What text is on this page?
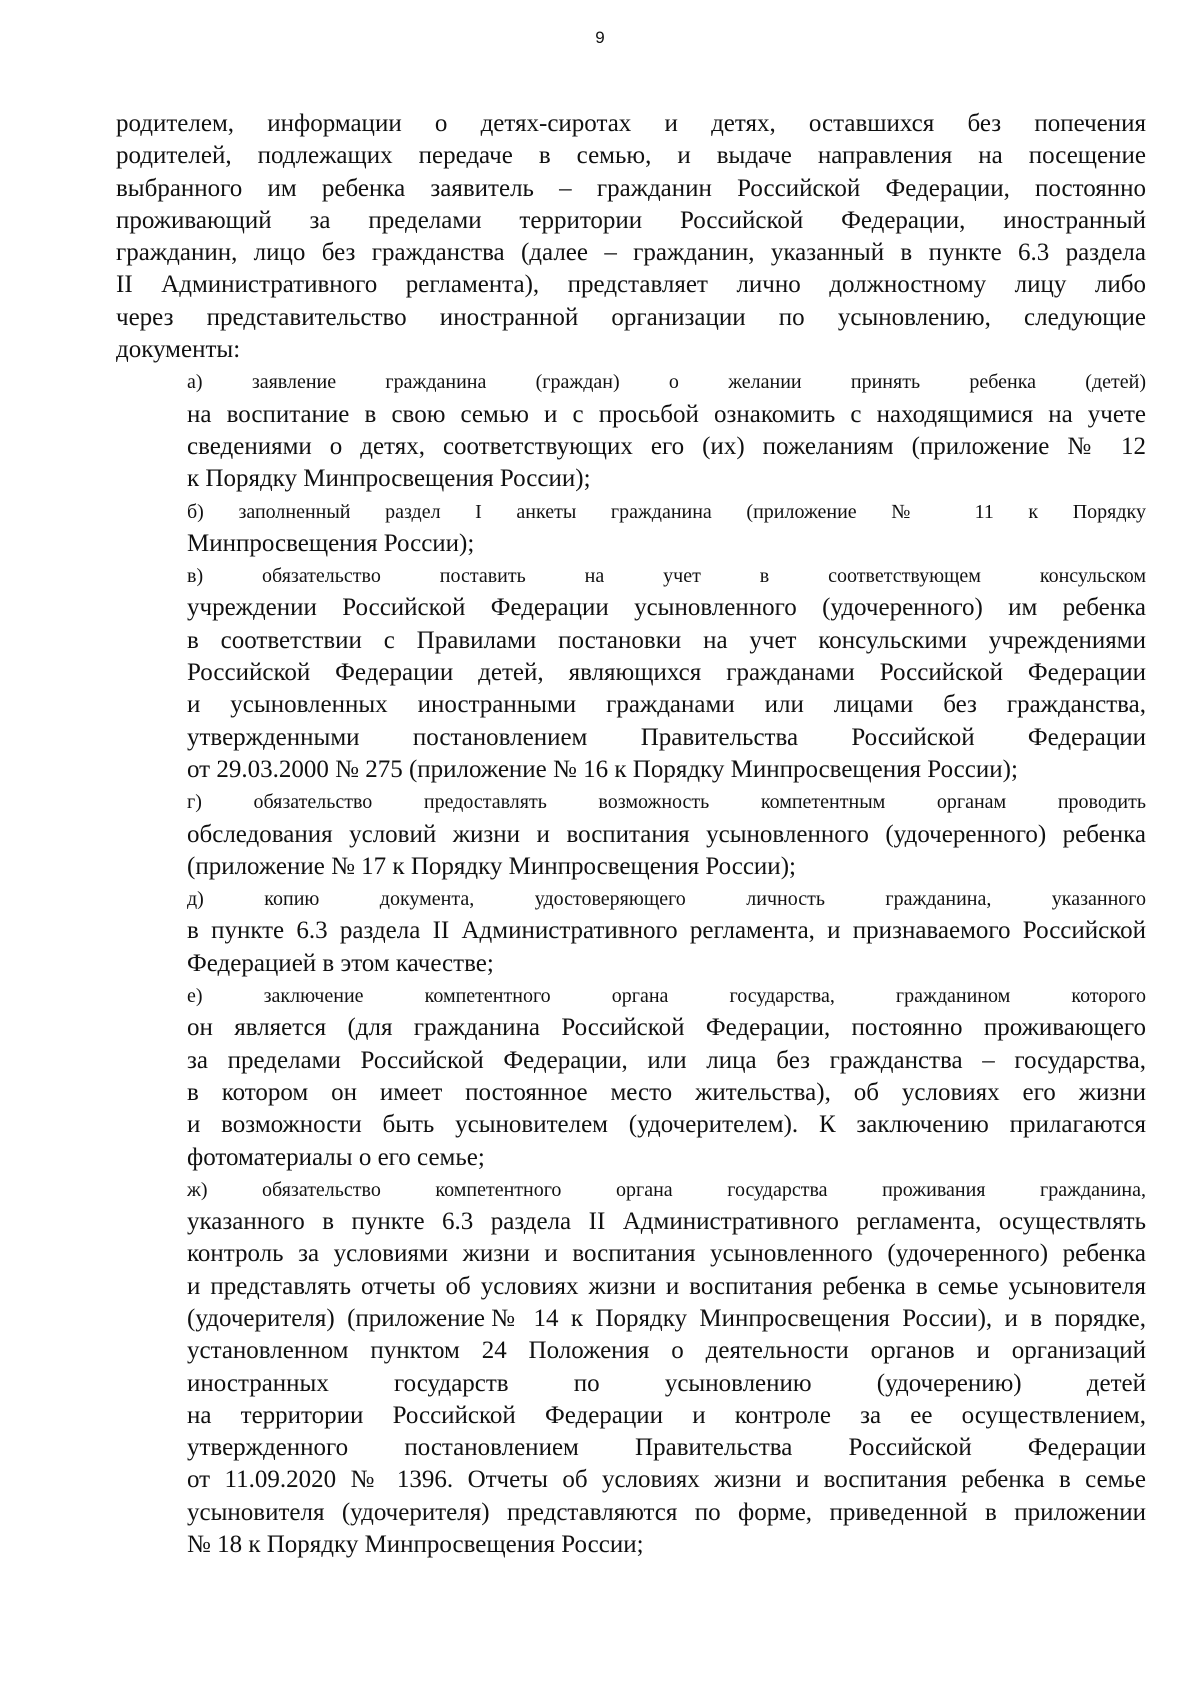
9

родителем, информации о детях-сиротах и детях, оставшихся без попечения
родителей, подлежащих передаче в семью, и выдаче направления на посещение
выбранного им ребенка заявитель – гражданин Российской Федерации, постоянно
проживающий за пределами территории Российской Федерации, иностранный
гражданин, лицо без гражданства (далее – гражданин, указанный в пункте 6.3 раздела
II Административного регламента), представляет лично должностному лицу либо
через представительство иностранной организации по усыновлению, следующие
документы:

а) заявление гражданина (граждан) о желании принять ребенка (детей)
на воспитание в свою семью и с просьбой ознакомить с находящимися на учете
сведениями о детях, соответствующих его (их) пожеланиям (приложение № 12
к Порядку Минпросвещения России);

б) заполненный раздел I анкеты гражданина (приложение № 11 к Порядку
Минпросвещения России);

в) обязательство поставить на учет в соответствующем консульском
учреждении Российской Федерации усыновленного (удочеренного) им ребенка
в соответствии с Правилами постановки на учет консульскими учреждениями
Российской Федерации детей, являющихся гражданами Российской Федерации
и усыновленных иностранными гражданами или лицами без гражданства,
утвержденными постановлением Правительства Российской Федерации
от 29.03.2000 № 275 (приложение № 16 к Порядку Минпросвещения России);

г) обязательство предоставлять возможность компетентным органам проводить
обследования условий жизни и воспитания усыновленного (удочеренного) ребенка
(приложение № 17 к Порядку Минпросвещения России);

д) копию документа, удостоверяющего личность гражданина, указанного
в пункте 6.3 раздела II Административного регламента, и признаваемого Российской
Федерацией в этом качестве;

е) заключение компетентного органа государства, гражданином которого
он является (для гражданина Российской Федерации, постоянно проживающего
за пределами Российской Федерации, или лица без гражданства – государства,
в котором он имеет постоянное место жительства), об условиях его жизни
и возможности быть усыновителем (удочерителем). К заключению прилагаются
фотоматериалы о его семье;

ж) обязательство компетентного органа государства проживания гражданина,
указанного в пункте 6.3 раздела II Административного регламента, осуществлять
контроль за условиями жизни и воспитания усыновленного (удочеренного) ребенка
и представлять отчеты об условиях жизни и воспитания ребенка в семье усыновителя
(удочерителя) (приложение№ 14 к Порядку Минпросвещения России), и в порядке,
установленном пунктом 24 Положения о деятельности органов и организаций
иностранных государств по усыновлению (удочерению) детей
на территории Российской Федерации и контроле за ее осуществлением,
утвержденного постановлением Правительства Российской Федерации
от 11.09.2020 № 1396. Отчеты об условиях жизни и воспитания ребенка в семье
усыновителя (удочерителя) представляются по форме, приведенной в приложении
№ 18 к Порядку Минпросвещения России;
